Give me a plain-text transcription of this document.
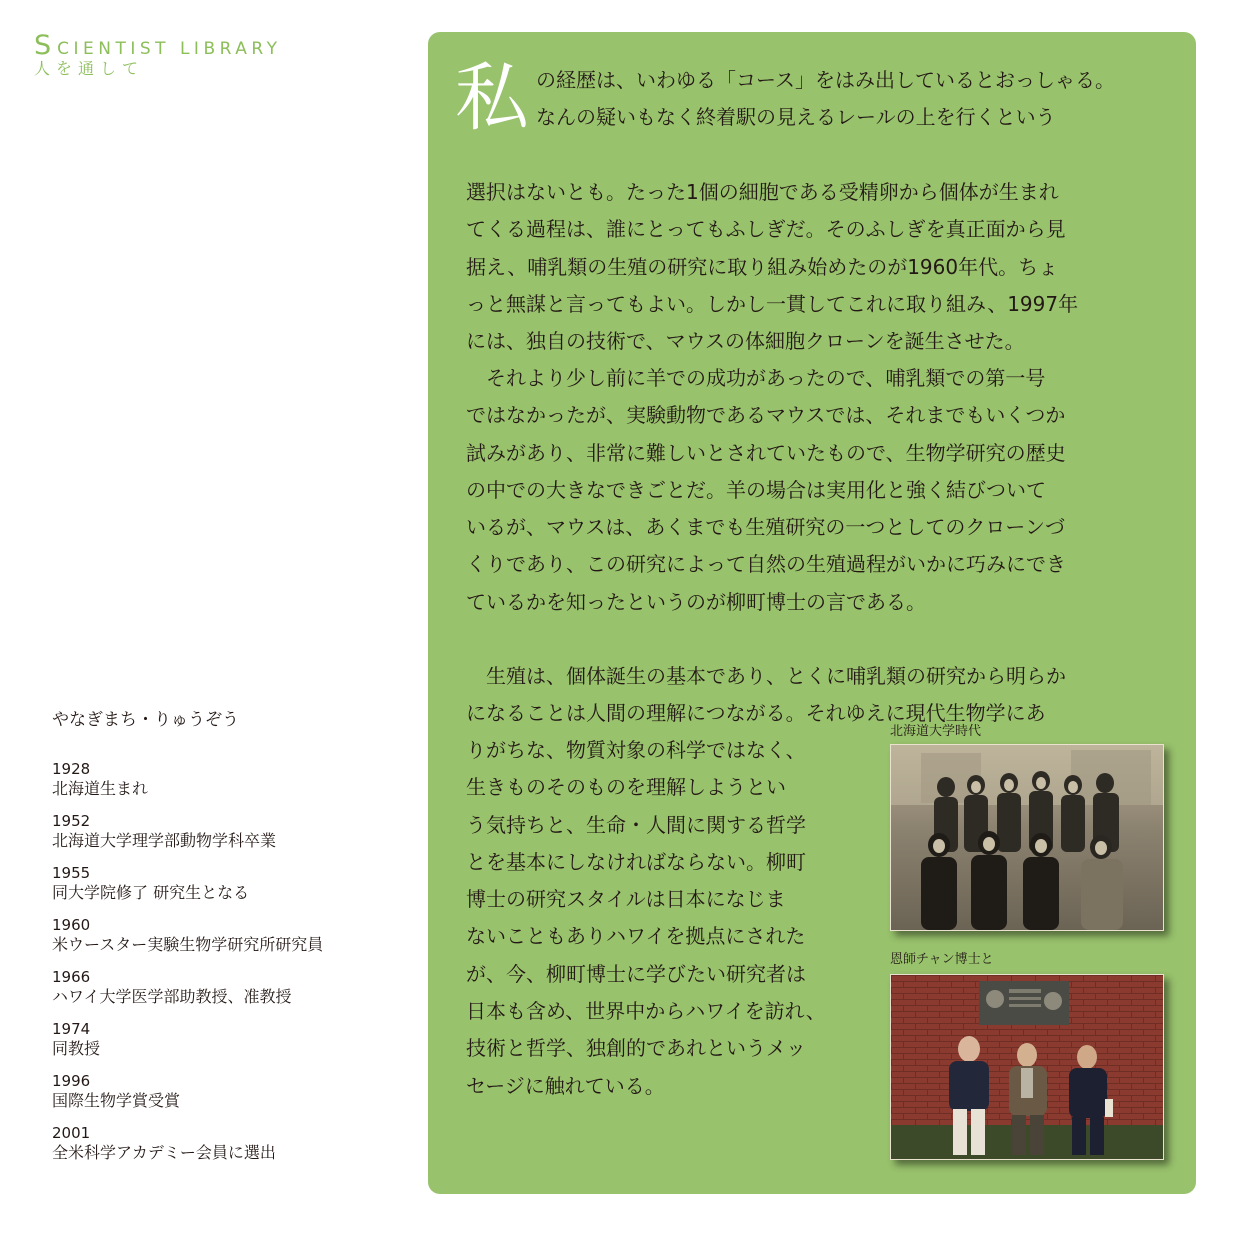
SCIENTIST LIBRARY
人を通して
やなぎまち・りゅうぞう
1928
北海道生まれ
1952
北海道大学理学部動物学科卒業
1955
同大学院修了 研究生となる
1960
米ウースター実験生物学研究所研究員
1966
ハワイ大学医学部助教授、准教授
1974
同教授
1996
国際生物学賞受賞
2001
全米科学アカデミー会員に選出
私 の経歴は、いわゆる「コース」をはみ出しているとおっしゃる。
なんの疑いもなく終着駅の見えるレールの上を行くという
選択はないとも。たった1個の細胞である受精卵から個体が生まれ
てくる過程は、誰にとってもふしぎだ。そのふしぎを真正面から見
据え、哺乳類の生殖の研究に取り組み始めたのが1960年代。ちょ
っと無謀と言ってもよい。しかし一貫してこれに取り組み、1997年
には、独自の技術で、マウスの体細胞クローンを誕生させた。
　それより少し前に羊での成功があったので、哺乳類での第一号
ではなかったが、実験動物であるマウスでは、それまでもいくつか
試みがあり、非常に難しいとされていたもので、生物学研究の歴史
の中での大きなできごとだ。羊の場合は実用化と強く結びついて
いるが、マウスは、あくまでも生殖研究の一つとしてのクローンづ
くりであり、この研究によって自然の生殖過程がいかに巧みにでき
ているかを知ったというのが柳町博士の言である。
　生殖は、個体誕生の基本であり、とくに哺乳類の研究から明らか
になることは人間の理解につながる。それゆえに現代生物学にあ
りがちな、物質対象の科学ではなく、
生きものそのものを理解しようとい
う気持ちと、生命・人間に関する哲学
とを基本にしなければならない。柳町
博士の研究スタイルは日本になじま
ないこともありハワイを拠点にされた
が、今、柳町博士に学びたい研究者は
日本も含め、世界中からハワイを訪れ、
技術と哲学、独創的であれというメッ
セージに触れている。
北海道大学時代
恩師チャン博士と
